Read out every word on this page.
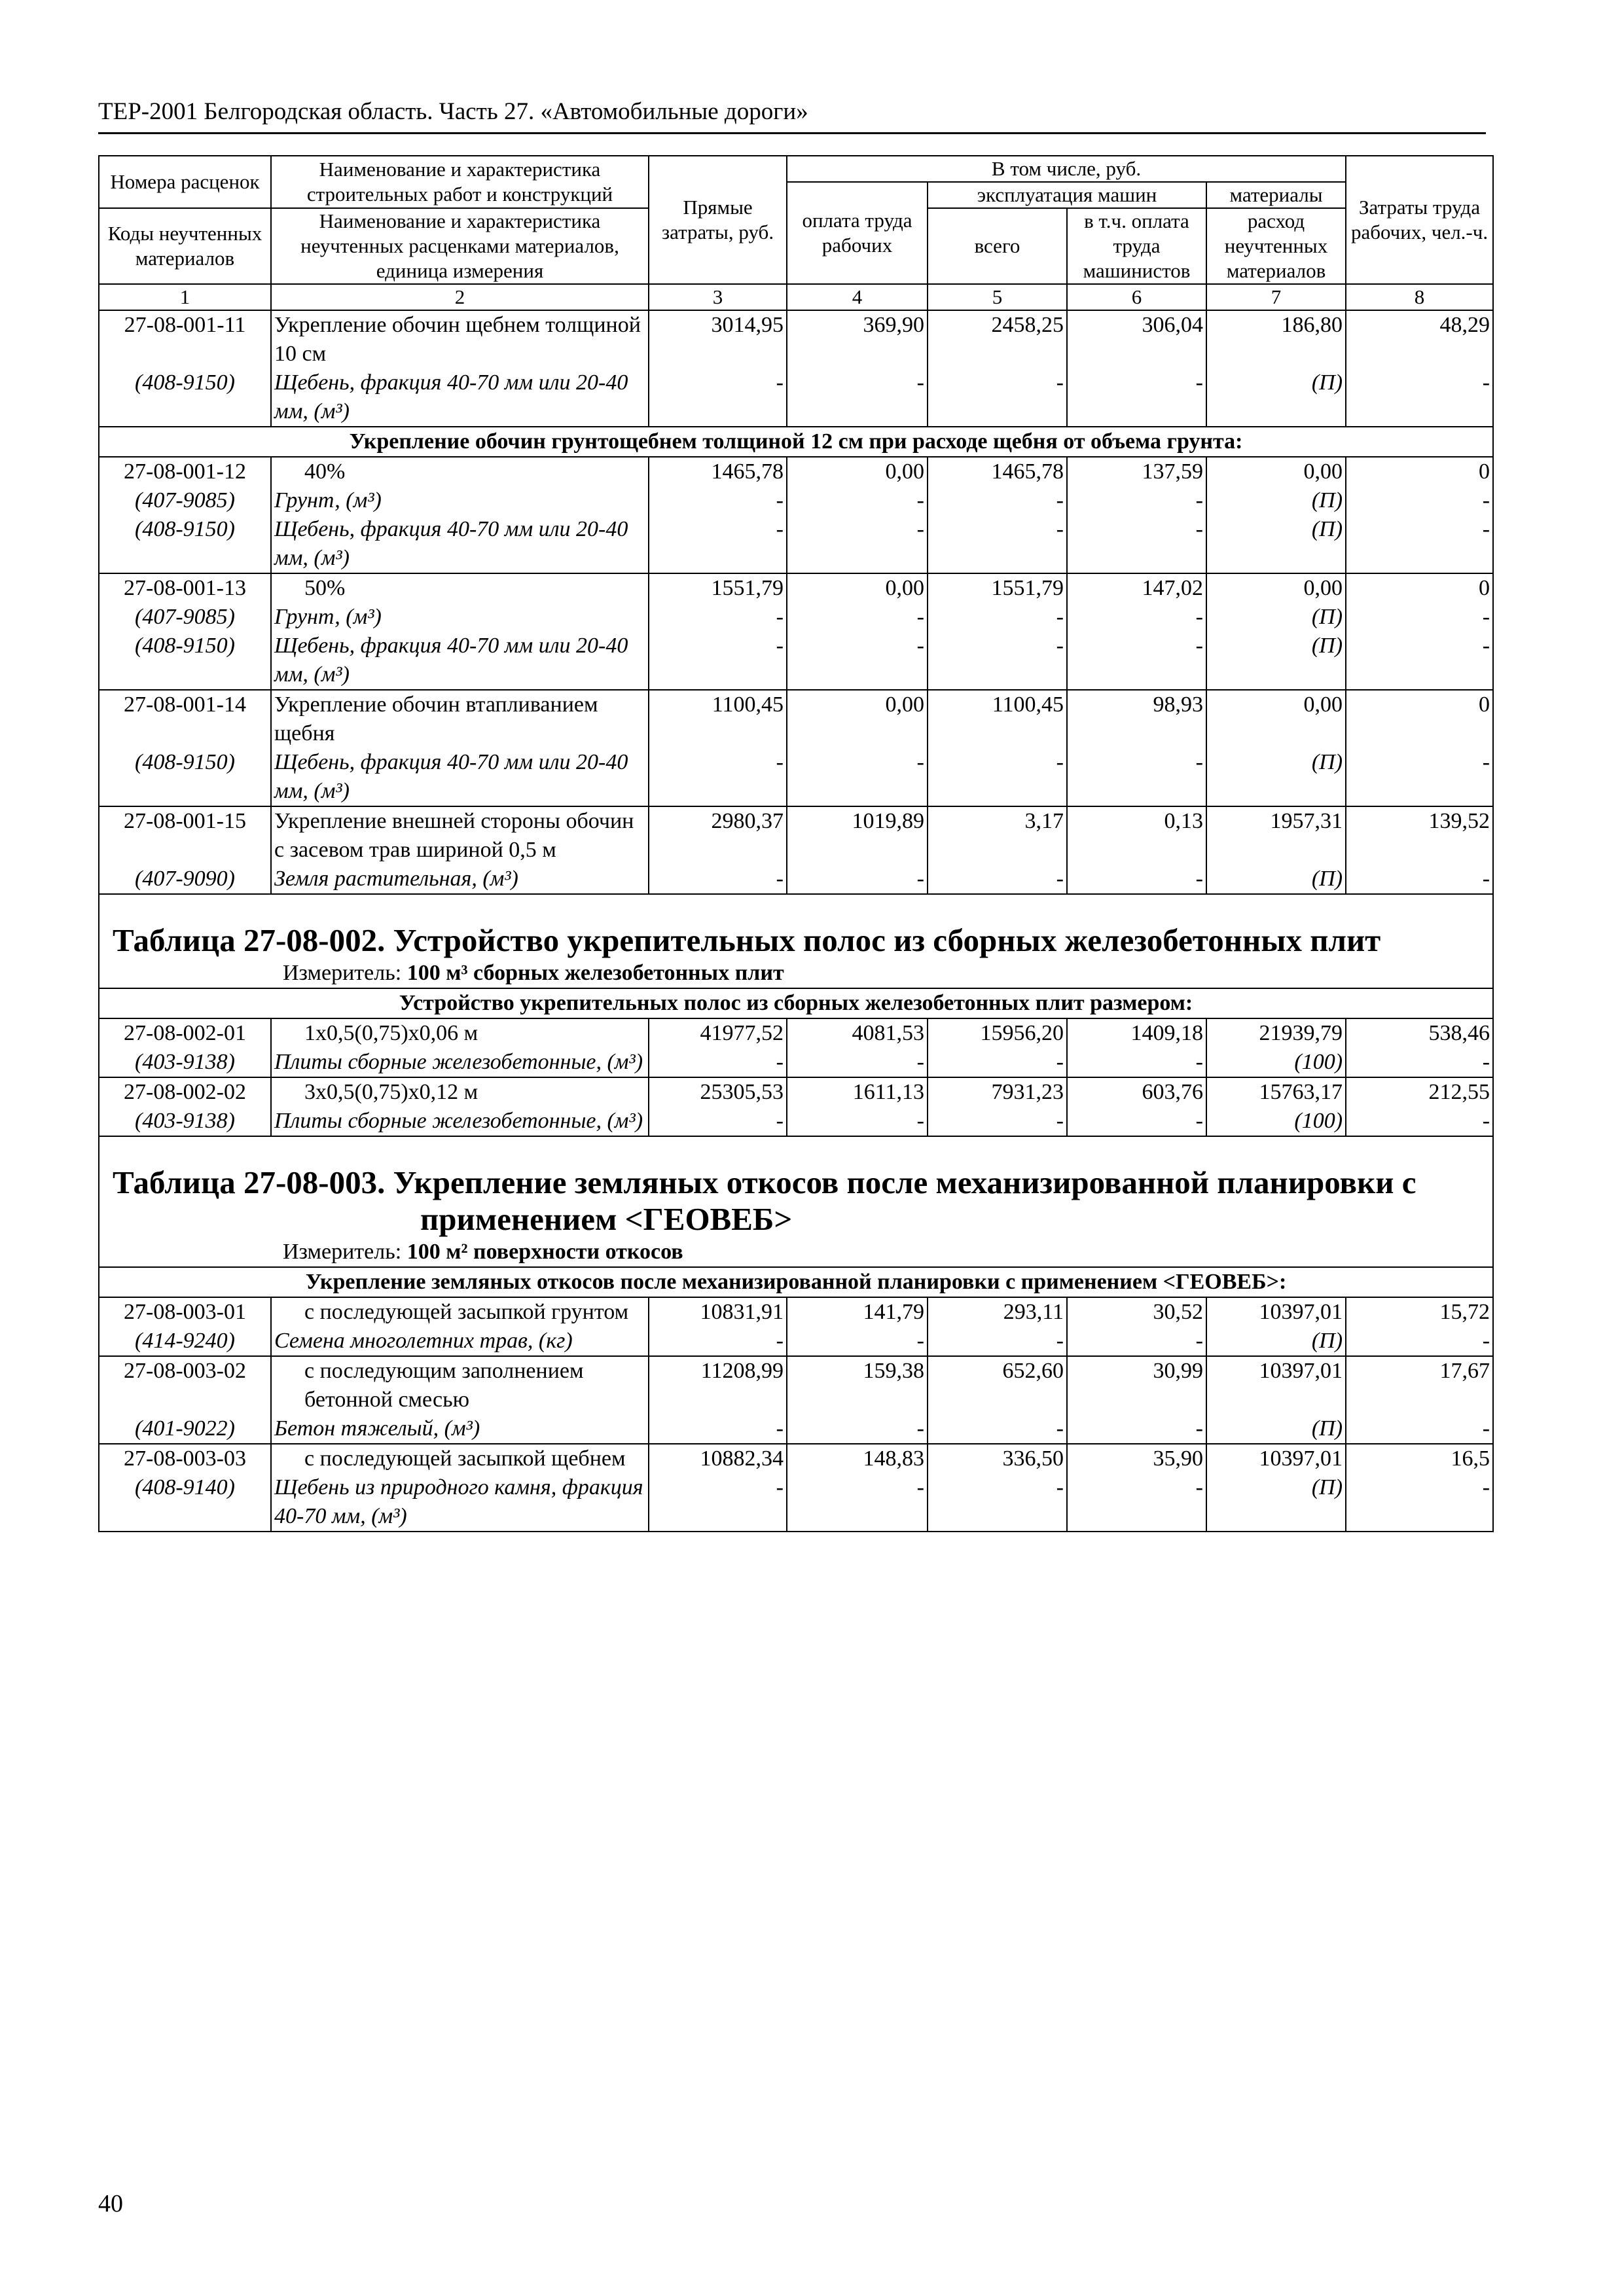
ТЕР-2001 Белгородская область. Часть 27. «Автомобильные дороги»
Номера расценок	Наименование и характеристика строительных работ и конструкций	Прямые затраты, руб.	В том числе, руб.				Затраты труда рабочих, чел.-ч.
			оплата труда рабочих	эксплуатация машин		материалы	
Коды неучтенных материалов	Наименование и характеристика неучтенных расценками материалов, единица измерения			всего	в т.ч. оплата труда машинистов	расход неучтенных материалов	

1	2	3	4	5	6	7	8
27-08-001-11	Укрепление обочин щебнем толщиной 10 см	3014,95	369,90	2458,25	306,04	186,80	48,29
(408-9150)	Щебень, фракция 40-70 мм или 20-40 мм, (м³)	-	-	-	-	(П)	-
Укрепление обочин грунтощебнем толщиной 12 см при расходе щебня от объема грунта:							
27-08-001-12	40%	1465,78	0,00	1465,78	137,59	0,00	0
(407-9085)	Грунт, (м³)	-	-	-	-	(П)	-
(408-9150)	Щебень, фракция 40-70 мм или 20-40 мм, (м³)	-	-	-	-	(П)	-
27-08-001-13	50%	1551,79	0,00	1551,79	147,02	0,00	0
(407-9085)	Грунт, (м³)	-	-	-	-	(П)	-
(408-9150)	Щебень, фракция 40-70 мм или 20-40 мм, (м³)	-	-	-	-	(П)	-
27-08-001-14	Укрепление обочин втапливанием щебня	1100,45	0,00	1100,45	98,93	0,00	0
(408-9150)	Щебень, фракция 40-70 мм или 20-40 мм, (м³)	-	-	-	-	(П)	-
27-08-001-15	Укрепление внешней стороны обочин с засевом трав шириной 0,5 м	2980,37	1019,89	3,17	0,13	1957,31	139,52
(407-9090)	Земля растительная, (м³)	-	-	-	-	(П)	-
Таблица 27-08-002. Устройство укрепительных полос из сборных железобетонных плит							
Измеритель: 100 м³ сборных железобетонных плит							
Устройство укрепительных полос из сборных железобетонных плит размером:							
27-08-002-01	1х0,5(0,75)х0,06 м	41977,52	4081,53	15956,20	1409,18	21939,79	538,46
(403-9138)	Плиты сборные железобетонные, (м³)	-	-	-	-	(100)	-
27-08-002-02	3х0,5(0,75)х0,12 м	25305,53	1611,13	7931,23	603,76	15763,17	212,55
(403-9138)	Плиты сборные железобетонные, (м³)	-	-	-	-	(100)	-
Таблица 27-08-003. Укрепление земляных откосов после механизированной планировки с
применением <ГЕОВЕБ>							

Измеритель: 100 м² поверхности откосов							
Укрепление земляных откосов после механизированной планировки с применением <ГЕОВЕБ>:							
27-08-003-01	с последующей засыпкой грунтом	10831,91	141,79	293,11	30,52	10397,01	15,72
(414-9240)	Семена многолетних трав, (кг)	-	-	-	-	(П)	-
27-08-003-02	с последующим заполнением бетонной смесью	11208,99	159,38	652,60	30,99	10397,01	17,67
(401-9022)	Бетон тяжелый, (м³)	-	-	-	-	(П)	-
27-08-003-03	с последующей засыпкой щебнем	10882,34	148,83	336,50	35,90	10397,01	16,5
(408-9140)	Щебень из природного камня, фракция 40-70 мм, (м³)	-	-	-	-	(П)	-
40
